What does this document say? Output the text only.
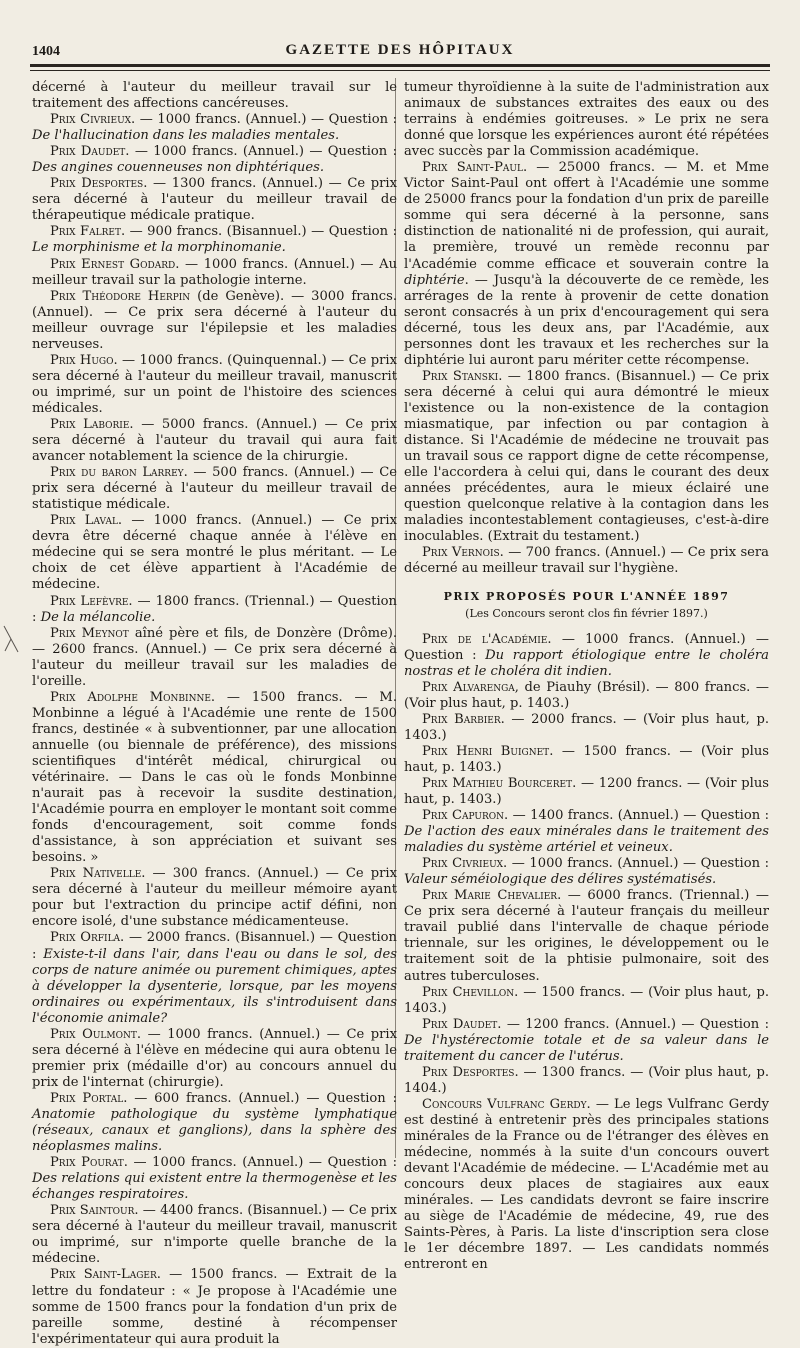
1404	GAZETTE DES HÔPITAUX

décerné à l'auteur du meilleur travail sur le traitement des affections cancéreuses.

Prix Civrieux. — 1000 francs. (Annuel.) — Question : De l'hallucination dans les maladies mentales.

Prix Daudet. — 1000 francs. (Annuel.) — Question : Des angines couenneuses non diphtériques.

Prix Desportes. — 1300 francs. (Annuel.) — Ce prix sera décerné à l'auteur du meilleur travail de thérapeutique médicale pratique.

Prix Falret. — 900 francs. (Bisannuel.) — Question : Le morphinisme et la morphinomanie.

Prix Ernest Godard. — 1000 francs. (Annuel.) — Au meilleur travail sur la pathologie interne.

Prix Théodore Herpin (de Genève). — 3000 francs. (Annuel). — Ce prix sera décerné à l'auteur du meilleur ouvrage sur l'épilepsie et les maladies nerveuses.

Prix Hugo. — 1000 francs. (Quinquennal.) — Ce prix sera décerné à l'auteur du meilleur travail, manuscrit ou imprimé, sur un point de l'histoire des sciences médicales.

Prix Laborie. — 5000 francs. (Annuel.) — Ce prix sera décerné à l'auteur du travail qui aura fait avancer notablement la science de la chirurgie.

Prix du baron Larrey. — 500 francs. (Annuel.) — Ce prix sera décerné à l'auteur du meilleur travail de statistique médicale.

Prix Laval. — 1000 francs. (Annuel.) — Ce prix devra être décerné chaque année à l'élève en médecine qui se sera montré le plus méritant. — Le choix de cet élève appartient à l'Académie de médecine.

Prix Lefèvre. — 1800 francs. (Triennal.) — Question : De la mélancolie.

Prix Meynot aîné père et fils, de Donzère (Drôme). — 2600 francs. (Annuel.) — Ce prix sera décerné à l'auteur du meilleur travail sur les maladies de l'oreille.

Prix Adolphe Monbinne. — 1500 francs. — M. Monbinne a légué à l'Académie une rente de 1500 francs, destinée « à subventionner, par une allocation annuelle (ou biennale de préférence), des missions scientifiques d'intérêt médical, chirurgical ou vétérinaire. — Dans le cas où le fonds Monbinne n'aurait pas à recevoir la susdite destination, l'Académie pourra en employer le montant soit comme fonds d'encouragement, soit comme fonds d'assistance, à son appréciation et suivant ses besoins. »

Prix Nativelle. — 300 francs. (Annuel.) — Ce prix sera décerné à l'auteur du meilleur mémoire ayant pour but l'extraction du principe actif défini, non encore isolé, d'une substance médicamenteuse.

Prix Orfila. — 2000 francs. (Bisannuel.) — Question : Existe-t-il dans l'air, dans l'eau ou dans le sol, des corps de nature animée ou purement chimiques, aptes à développer la dysenterie, lorsque, par les moyens ordinaires ou expérimentaux, ils s'introduisent dans l'économie animale?

Prix Oulmont. — 1000 francs. (Annuel.) — Ce prix sera décerné à l'élève en médecine qui aura obtenu le premier prix (médaille d'or) au concours annuel du prix de l'internat (chirurgie).

Prix Portal. — 600 francs. (Annuel.) — Question : Anatomie pathologique du système lymphatique (réseaux, canaux et ganglions), dans la sphère des néoplasmes malins.

Prix Pourat. — 1000 francs. (Annuel.) — Question : Des relations qui existent entre la thermogenèse et les échanges respiratoires.

Prix Saintour. — 4400 francs. (Bisannuel.) — Ce prix sera décerné à l'auteur du meilleur travail, manuscrit ou imprimé, sur n'importe quelle branche de la médecine.

Prix Saint-Lager. — 1500 francs. — Extrait de la lettre du fondateur : « Je propose à l'Académie une somme de 1500 francs pour la fondation d'un prix de pareille somme, destiné à récompenser l'expérimentateur qui aura produit la

tumeur thyroïdienne à la suite de l'administration aux animaux de substances extraites des eaux ou des terrains à endémies goitreuses. » Le prix ne sera donné que lorsque les expériences auront été répétées avec succès par la Commission académique.

Prix Saint-Paul. — 25000 francs. — M. et Mme Victor Saint-Paul ont offert à l'Académie une somme de 25000 francs pour la fondation d'un prix de pareille somme qui sera décerné à la personne, sans distinction de nationalité ni de profession, qui aurait, la première, trouvé un remède reconnu par l'Académie comme efficace et souverain contre la diphtérie. — Jusqu'à la découverte de ce remède, les arrérages de la rente à provenir de cette donation seront consacrés à un prix d'encouragement qui sera décerné, tous les deux ans, par l'Académie, aux personnes dont les travaux et les recherches sur la diphtérie lui auront paru mériter cette récompense.

Prix Stanski. — 1800 francs. (Bisannuel.) — Ce prix sera décerné à celui qui aura démontré le mieux l'existence ou la non-existence de la contagion miasmatique, par infection ou par contagion à distance. Si l'Académie de médecine ne trouvait pas un travail sous ce rapport digne de cette récompense, elle l'accordera à celui qui, dans le courant des deux années précédentes, aura le mieux éclairé une question quelconque relative à la contagion dans les maladies incontestablement contagieuses, c'est-à-dire inoculables. (Extrait du testament.)

Prix Vernois. — 700 francs. (Annuel.) — Ce prix sera décerné au meilleur travail sur l'hygiène.

PRIX PROPOSÉS POUR L'ANNÉE 1897

(Les Concours seront clos fin février 1897.)

Prix de l'Académie. — 1000 francs. (Annuel.) — Question : Du rapport étiologique entre le choléra nostras et le choléra dit indien.

Prix Alvarenga, de Piauhy (Brésil). — 800 francs. — (Voir plus haut, p. 1403.)

Prix Barbier. — 2000 francs. — (Voir plus haut, p. 1403.)

Prix Henri Buignet. — 1500 francs. — (Voir plus haut, p. 1403.)

Prix Mathieu Bourceret. — 1200 francs. — (Voir plus haut, p. 1403.)

Prix Capuron. — 1400 francs. (Annuel.) — Question : De l'action des eaux minérales dans le traitement des maladies du système artériel et veineux.

Prix Civrieux. — 1000 francs. (Annuel.) — Question : Valeur séméiologique des délires systématisés.

Prix Marie Chevalier. — 6000 francs. (Triennal.) — Ce prix sera décerné à l'auteur français du meilleur travail publié dans l'intervalle de chaque période triennale, sur les origines, le développement ou le traitement soit de la phtisie pulmonaire, soit des autres tuberculoses.

Prix Chevillon. — 1500 francs. — (Voir plus haut, p. 1403.)

Prix Daudet. — 1200 francs. (Annuel.) — Question : De l'hystérectomie totale et de sa valeur dans le traitement du cancer de l'utérus.

Prix Desportes. — 1300 francs. — (Voir plus haut, p. 1404.)

Concours Vulfranc Gerdy. — Le legs Vulfranc Gerdy est destiné à entretenir près des principales stations minérales de la France ou de l'étranger des élèves en médecine, nommés à la suite d'un concours ouvert devant l'Académie de médecine. — L'Académie met au concours deux places de stagiaires aux eaux minérales. — Les candidats devront se faire inscrire au siège de l'Académie de médecine, 49, rue des Saints-Pères, à Paris. La liste d'inscription sera close le 1er décembre 1897. — Les candidats nommés entreront en
